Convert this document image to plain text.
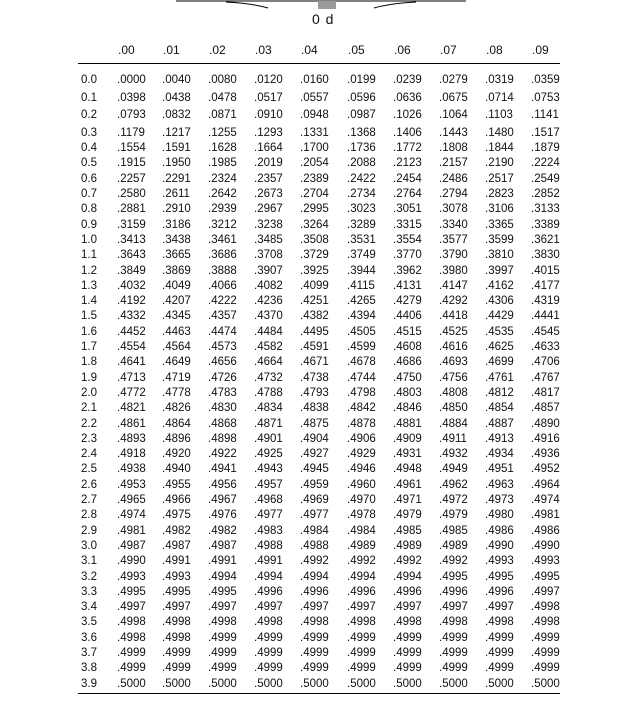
0 d
.00	.01	.02	.03	.04	.05	.06	.07	.08	.09
0.0 .0000 .0040 .0080 .0120 .0160 .0199 .0239 .0279 .0319 .0359
0.1 .0398 .0438 .0478 .0517 .0557 .0596 .0636 .0675 .0714 .0753
0.2 .0793 .0832 .0871 .0910 .0948 .0987 .1026 .1064 .1103 .1141
0.3 .1179 .1217 .1255 .1293 .1331 .1368 .1406 .1443 .1480 .1517
0.4 .1554 .1591 .1628 .1664 .1700 .1736 .1772 .1808 .1844 .1879
0.5 .1915 .1950 .1985 .2019 .2054 .2088 .2123 .2157 .2190 .2224
0.6 .2257 .2291 .2324 .2357 .2389 .2422 .2454 .2486 .2517 .2549
0.7 .2580 .2611 .2642 .2673 .2704 .2734 .2764 .2794 .2823 .2852
0.8 .2881 .2910 .2939 .2967 .2995 .3023 .3051 .3078 .3106 .3133
0.9 .3159 .3186 .3212 .3238 .3264 .3289 .3315 .3340 .3365 .3389
1.0 .3413 .3438 .3461 .3485 .3508 .3531 .3554 .3577 .3599 .3621
1.1 .3643 .3665 .3686 .3708 .3729 .3749 .3770 .3790 .3810 .3830
1.2 .3849 .3869 .3888 .3907 .3925 .3944 .3962 .3980 .3997 .4015
1.3 .4032 .4049 .4066 .4082 .4099 .4115 .4131 .4147 .4162 .4177
1.4 .4192 .4207 .4222 .4236 .4251 .4265 .4279 .4292 .4306 .4319
1.5 .4332 .4345 .4357 .4370 .4382 .4394 .4406 .4418 .4429 .4441
1.6 .4452 .4463 .4474 .4484 .4495 .4505 .4515 .4525 .4535 .4545
1.7 .4554 .4564 .4573 .4582 .4591 .4599 .4608 .4616 .4625 .4633
1.8 .4641 .4649 .4656 .4664 .4671 .4678 .4686 .4693 .4699 .4706
1.9 .4713 .4719 .4726 .4732 .4738 .4744 .4750 .4756 .4761 .4767
2.0 .4772 .4778 .4783 .4788 .4793 .4798 .4803 .4808 .4812 .4817
2.1 .4821 .4826 .4830 .4834 .4838 .4842 .4846 .4850 .4854 .4857
2.2 .4861 .4864 .4868 .4871 .4875 .4878 .4881 .4884 .4887 .4890
2.3 .4893 .4896 .4898 .4901 .4904 .4906 .4909 .4911 .4913 .4916
2.4 .4918 .4920 .4922 .4925 .4927 .4929 .4931 .4932 .4934 .4936
2.5 .4938 .4940 .4941 .4943 .4945 .4946 .4948 .4949 .4951 .4952
2.6 .4953 .4955 .4956 .4957 .4959 .4960 .4961 .4962 .4963 .4964
2.7 .4965 .4966 .4967 .4968 .4969 .4970 .4971 .4972 .4973 .4974
2.8 .4974 .4975 .4976 .4977 .4977 .4978 .4979 .4979 .4980 .4981
2.9 .4981 .4982 .4982 .4983 .4984 .4984 .4985 .4985 .4986 .4986
3.0 .4987 .4987 .4987 .4988 .4988 .4989 .4989 .4989 .4990 .4990
3.1 .4990 .4991 .4991 .4991 .4992 .4992 .4992 .4992 .4993 .4993
3.2 .4993 .4993 .4994 .4994 .4994 .4994 .4994 .4995 .4995 .4995
3.3 .4995 .4995 .4995 .4996 .4996 .4996 .4996 .4996 .4996 .4997
3.4 .4997 .4997 .4997 .4997 .4997 .4997 .4997 .4997 .4997 .4998
3.5 .4998 .4998 .4998 .4998 .4998 .4998 .4998 .4998 .4998 .4998
3.6 .4998 .4998 .4999 .4999 .4999 .4999 .4999 .4999 .4999 .4999
3.7 .4999 .4999 .4999 .4999 .4999 .4999 .4999 .4999 .4999 .4999
3.8 .4999 .4999 .4999 .4999 .4999 .4999 .4999 .4999 .4999 .4999
3.9 .5000 .5000 .5000 .5000 .5000 .5000 .5000 .5000 .5000 .5000
